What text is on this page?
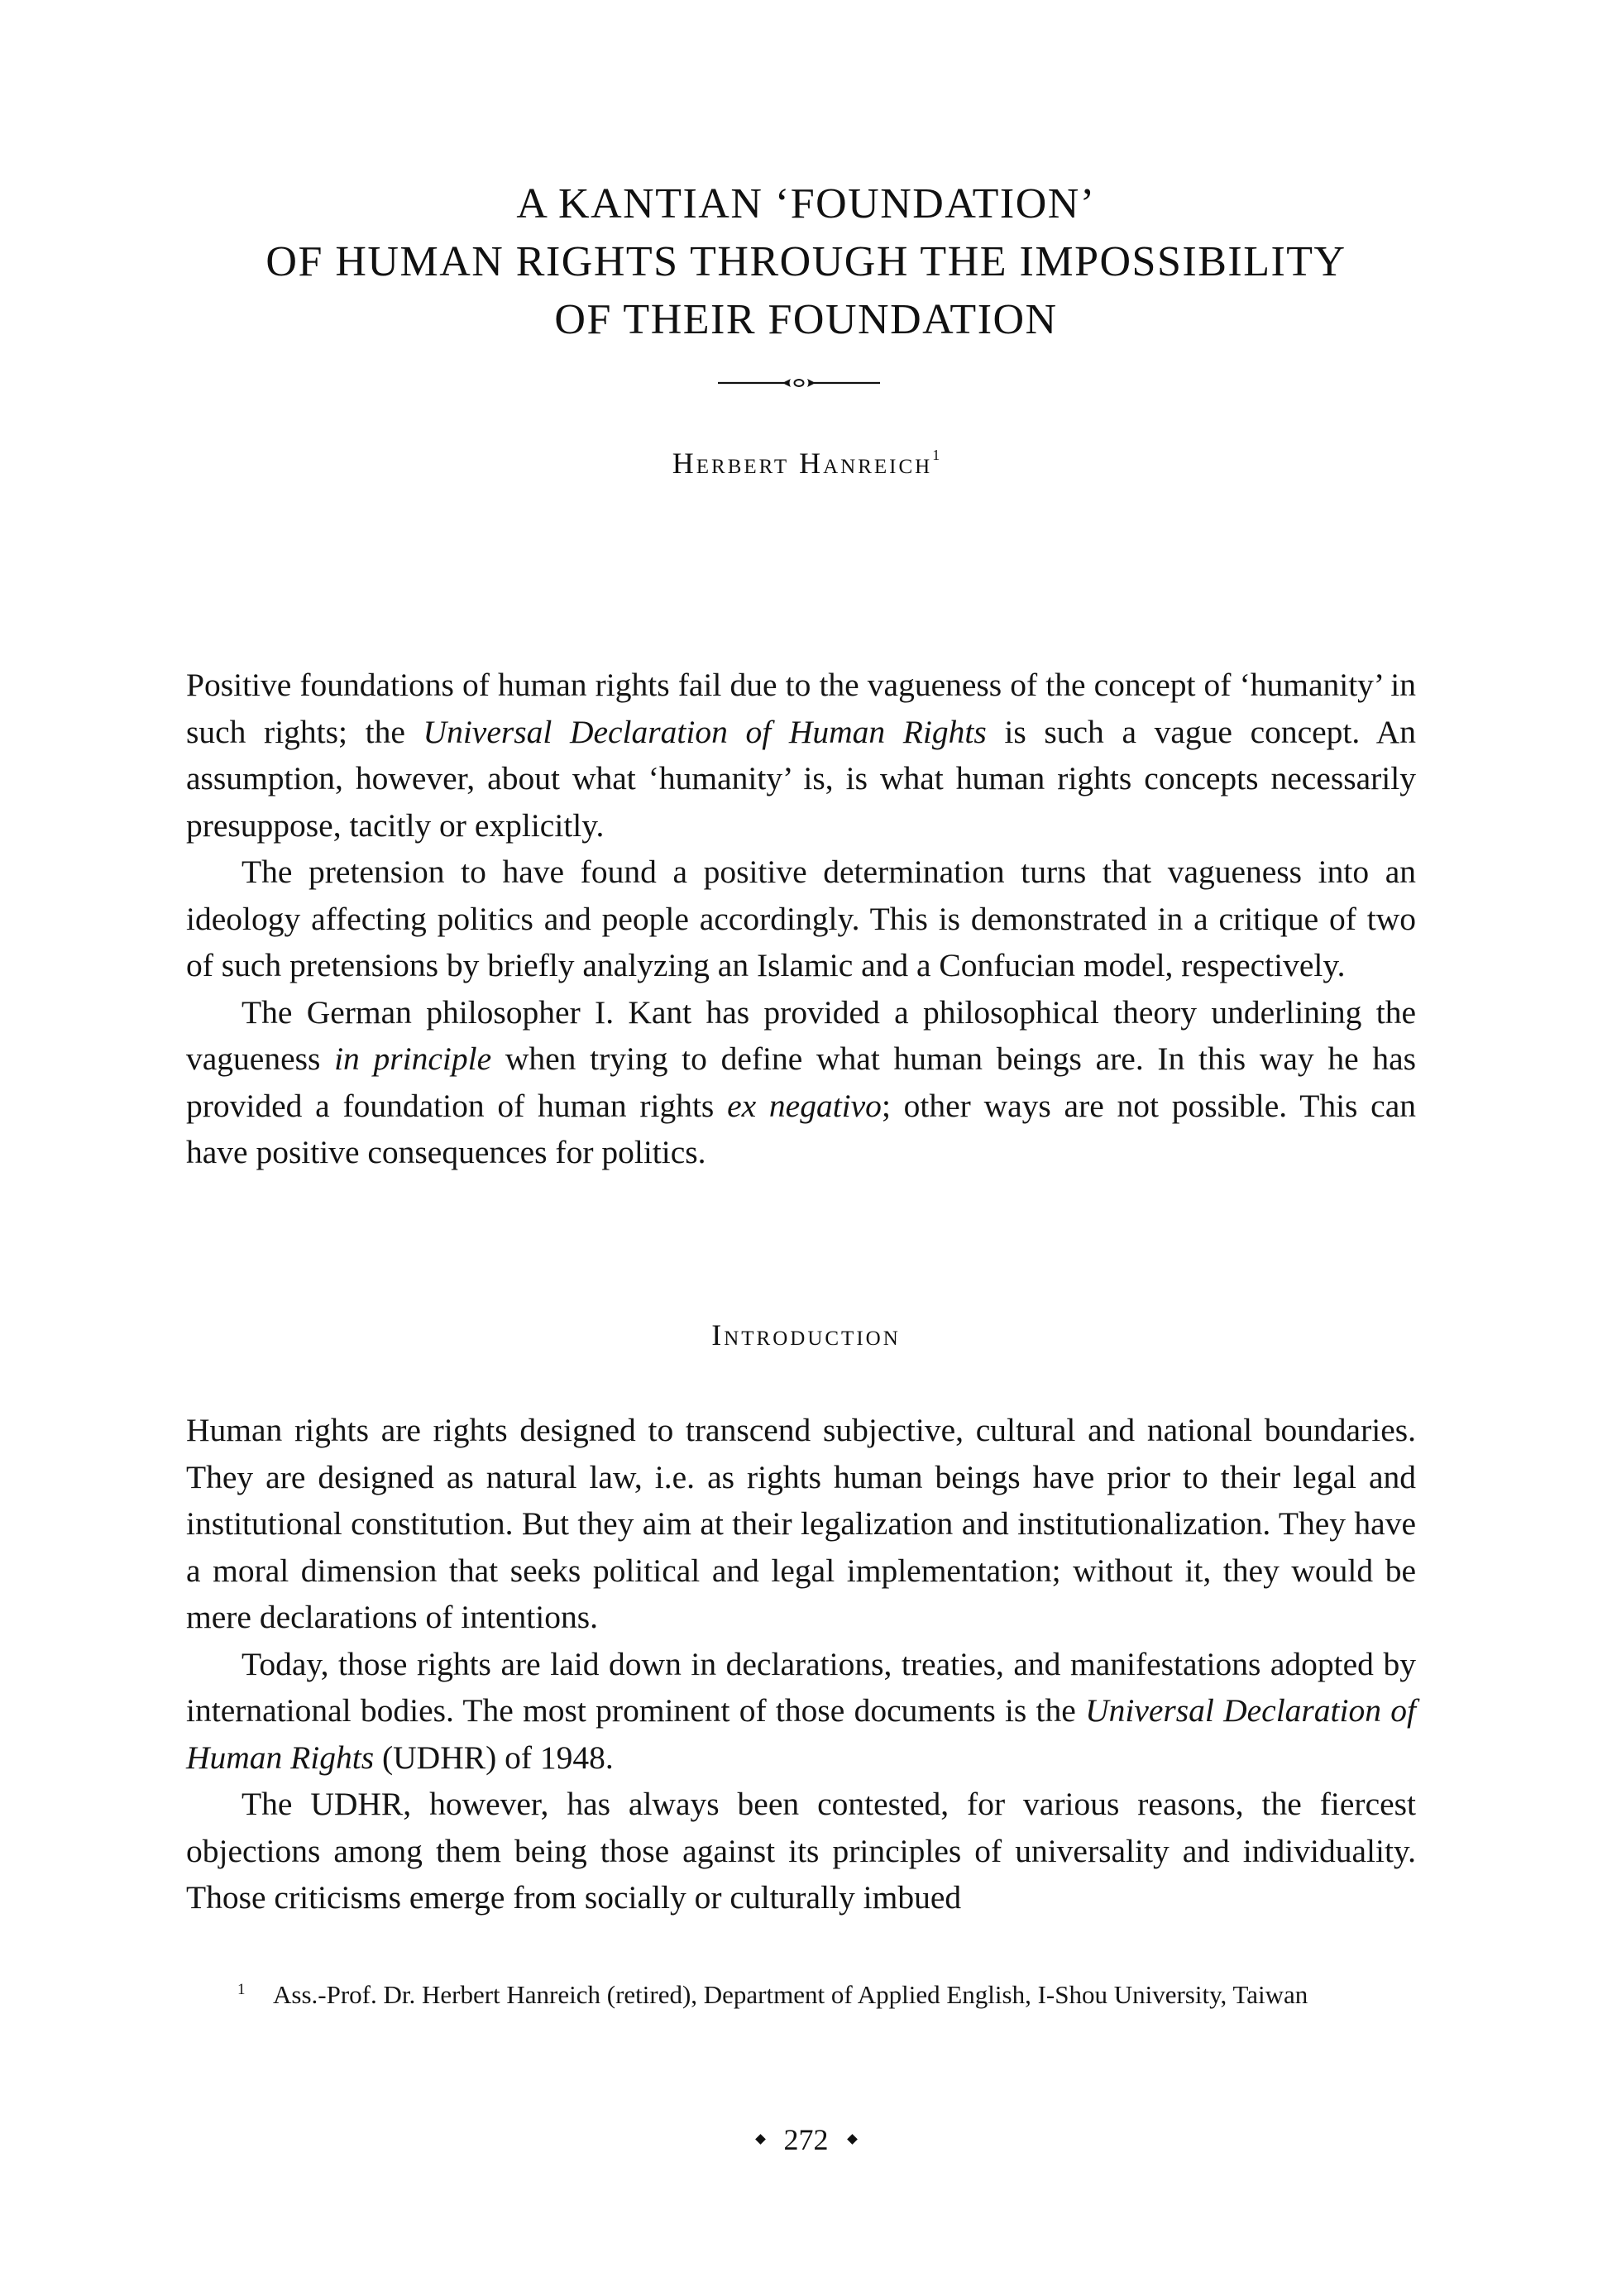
A KANTIAN ‘FOUNDATION’
OF HUMAN RIGHTS THROUGH THE IMPOSSIBILITY
OF THEIR FOUNDATION
Herbert Hanreich$^1$

Positive foundations of human rights fail due to the vagueness of the concept of ‘humanity’ in such rights; the Universal Declaration of Human Rights is such a vague concept. An assumption, however, about what ‘humanity’ is, is what human rights concepts necessarily presuppose, tacitly or explicitly.

The pretension to have found a positive determination turns that vagueness into an ideology affecting politics and people accordingly. This is demonstrated in a critique of two of such pretensions by briefly analyzing an Islamic and a Confucian model, respectively.

The German philosopher I. Kant has provided a philosophical theory underlining the vagueness in principle when trying to define what human beings are. In this way he has provided a foundation of human rights ex negativo; other ways are not possible. This can have positive consequences for politics.

Introduction

Human rights are rights designed to transcend subjective, cultural and national boundaries. They are designed as natural law, i.e. as rights human beings have prior to their legal and institutional constitution. But they aim at their legalization and institutionalization. They have a moral dimension that seeks political and legal implementation; without it, they would be mere declarations of intentions.

Today, those rights are laid down in declarations, treaties, and manifestations adopted by international bodies. The most prominent of those documents is the Universal Declaration of Human Rights (UDHR) of 1948.

The UDHR, however, has always been contested, for various reasons, the fiercest objections among them being those against its principles of universality and individuality. Those criticisms emerge from socially or culturally imbued

1 Ass.-Prof. Dr. Herbert Hanreich (retired), Department of Applied English, I-Shou University, Taiwan
272
